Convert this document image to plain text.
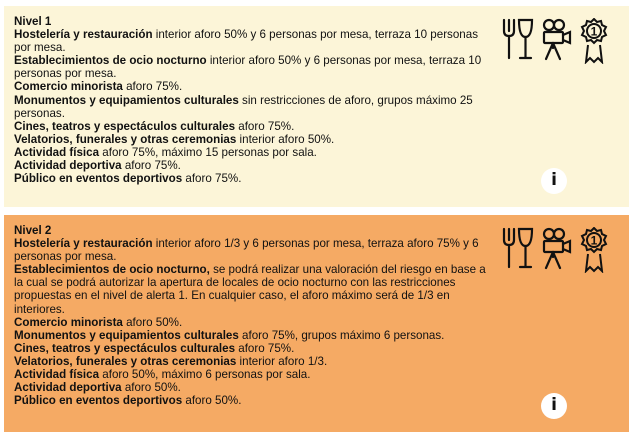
Nivel 1
Hostelería y restauración interior aforo 50% y 6 personas por mesa, terraza 10 personas por mesa.
Establecimientos de ocio nocturno interior aforo 50% y 6 personas por mesa, terraza 10 personas por mesa.
Comercio minorista aforo 75%.
Monumentos y equipamientos culturales sin restricciones de aforo, grupos máximo 25 personas.
Cines, teatros y espectáculos culturales aforo 75%.
Velatorios, funerales y otras ceremonias interior aforo 50%.
Actividad física aforo 75%, máximo 15 personas por sala.
Actividad deportiva aforo 75%.
Público en eventos deportivos aforo 75%.
1
i
Nivel 2
Hostelería y restauración interior aforo 1/3 y 6 personas por mesa, terraza aforo 75% y 6 personas por mesa.
Establecimientos de ocio nocturno, se podrá realizar una valoración del riesgo en base a la cual se podrá autorizar la apertura de locales de ocio nocturno con las restricciones propuestas en el nivel de alerta 1. En cualquier caso, el aforo máximo será de 1/3 en interiores.
Comercio minorista aforo 50%.
Monumentos y equipamientos culturales aforo 75%, grupos máximo 6 personas.
Cines, teatros y espectáculos culturales aforo 75%.
Velatorios, funerales y otras ceremonias interior aforo 1/3.
Actividad física aforo 50%, máximo 6 personas por sala.
Actividad deportiva aforo 50%.
Público en eventos deportivos aforo 50%.
1
i
